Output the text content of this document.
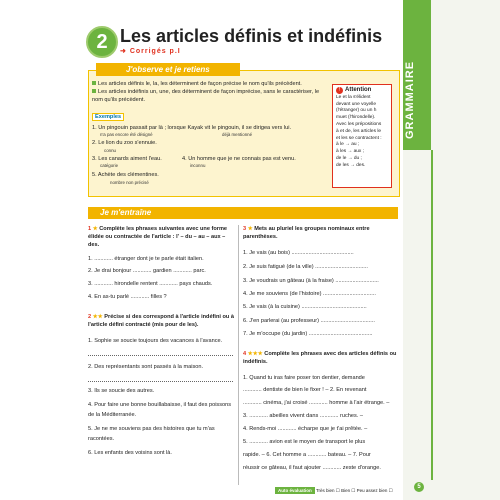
GRAMMAIRE
2 Les articles définis et indéfinis
➜ Corrigés p.I
J'observe et je retiens
Les articles définis le, la, les déterminent de façon précise le nom qu'ils précèdent.
Les articles indéfinis un, une, des déterminent de façon imprécise, sans le caractériser, le nom qu'ils précèdent.
Exemples
1. Un pingouin passait par là ; lorsque Kayak vit le pingouin, il se dirigea vers lui.
n'a pas encore été désigné	déjà mentionné
2. Le lion du zoo s'ennuie.
connu
3. Les canards aiment l'eau.	4. Un homme que je ne connais pas est venu.
catégorie	inconnu
5. Achète des clémentines.
nombre non précisé
! Attention
Le et la s'élident
devant une voyelle
(l'étranger) ou un h
muet (l'hirondelle).
Avec les prépositions
à et de, les articles le
et les se contractent :
à le → au ;
à les → aux ;
de le → du ;
de les → des.
Je m'entraîne
1 ★ Complète les phrases suivantes avec une forme élidée ou contractée de l'article : l' – du – au – aux – des.
1. ............ étranger dont je te parle était italien.
2. Je drai bonjour ............ gardien ............ parc.
3. ............ hirondelle rentent ............ pays chauds.
4. En as-tu parlé ............ filles ?
2 ★★ Précise si des correspond à l'article indéfini ou à l'article défini contracté (mis pour de les).
1. Sophie se soucie toujours des vacances à l'avance.
2. Des représentants sont passés à la maison.
3. Ils se soucie des autres.
4. Pour faire une bonne bouillabaisse, il faut des poissons de la Méditerranée.
5. Je ne me souviens pas des histoires que tu m'as racontées.
6. Les enfants des voisins sont là.
3 ★ Mets au pluriel les groupes nominaux entre parenthèses.
1. Je vais (au bois) ........................................
2. Je suis fatigué (de la ville) ..................................
3. Je voudrais un gâteau (à la fraise) ............................
4. Je me souviens (de l'histoire) ..................................
5. Je vais (à la cuisine) ..........................................
6. J'en parlerai (au professeur) ...................................
7. Je m'occupe (du jardin) .........................................
4 ★★★ Complète les phrases avec des articles définis ou indéfinis.
1. Quand tu iras faire poser ton dentier, demande
............ dentiste de bien le fixer ! – 2. En revenant
............ cinéma, j'ai croisé ............ homme à l'air étrange. –
3. ............ abeilles vivent dans ............ ruches. –
4. Rends-moi ............ écharpe que je t'ai prêtée. –
5. ............ avion est le moyen de transport le plus
rapide. – 6. Cet homme a ............ bateau. – 7. Pour
réussir ce gâteau, il faut ajouter ............ zeste d'orange.
Auto évaluation Très bien ☐ Bien ☐ Peu assez bien ☐
5
